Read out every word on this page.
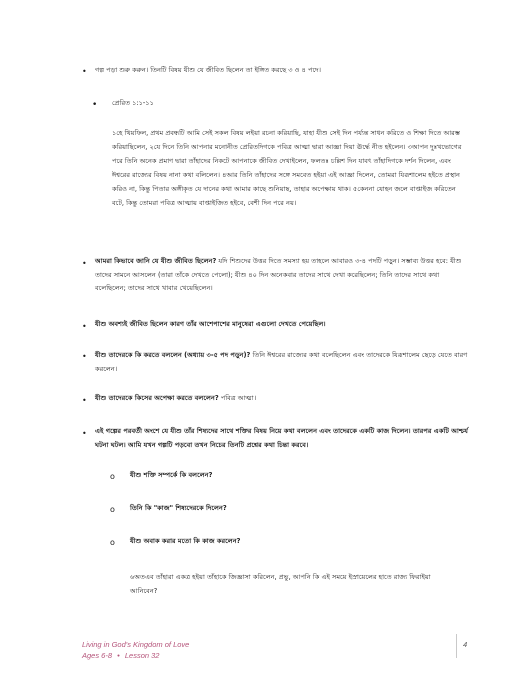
• গল্প পড়া শুরু করুন। তিনটি বিষয় যীশু যে জীবিত ছিলেন তা ইঙ্গিত করছে ৩ ও ৪ পদে।
• প্রেরিত ১:১-১১
১হে থিয়ফিল, প্রথম প্রবন্ধটি আমি সেই সকল বিষয় লইয়া রচনা করিয়াছি, যাহা যীশু সেই দিন পর্য্যন্ত সাধন করিতে ও শিক্ষা দিতে আরম্ভ করিয়াছিলেন, ২যে দিনে তিনি আপনার মনোনীত প্রেরিতদিগকে পবিত্র আত্মা দ্বারা আজ্ঞা দিয়া ঊর্দ্ধে নীত হইলেন। ৩আপন দুঃখভোগের পরে তিনি অনেক প্রমাণ দ্বারা তাঁহাদের নিকটে আপনাকে জীবিত দেখাইলেন, ফলতঃ চল্লিশ দিন যাবৎ তাঁহাদিগকে দর্শন দিলেন, এবং ঈশ্বরের রাজ্যের বিষয় নানা কথা বলিলেন। ৪আর তিনি তাঁহাদের সঙ্গে সমবেত হইয়া এই আজ্ঞা দিলেন, তোমরা যিরূশালেম হইতে প্রস্থান করিও না, কিন্তু পিতার অঙ্গীকৃত যে দানের কথা আমার কাছে শুনিয়াছ, তাহার অপেক্ষায় থাক। ৫কেননা যোহন জলে বাপ্তাইজ করিতেন বটে, কিন্তু তোমরা পবিত্র আত্মায় বাপ্তাইজিত হইবে, বেশী দিন পরে নয়।
• আমরা কিভাবে জানি যে যীশু জীবিত ছিলেন? যদি শিশুদের উত্তর দিতে সমস্যা হয় তাহলে আবারও ৩-৪ পদটি পড়ুন। সম্ভাব্য উত্তর হবে: যীশু তাদের সামনে আসলেন (তারা তাঁকে দেখতে পেলো); যীশু ৪০ দিন অনেকবার তাদের সাথে দেখা করেছিলেন; তিনি তাদের সাথে কথা বলেছিলেন; তাদের সাথে খাবার খেয়েছিলেন।
• যীশু অবশ্যই জীবিত ছিলেন কারণ তাঁর আশেপাশের মানুষেরা এগুলো দেখতে পেয়েছিল।
• যীশু তাদেরকে কি করতে বললেন (অধ্যায় ৩-৫ পদ পড়ুন)? তিনি ঈশ্বরের রাজ্যের কথা বলেছিলেন এবং তাদেরকে যিরূশালেম ছেড়ে যেতে বারণ করলেন।
• যীশু তাদেরকে কিসের অপেক্ষা করতে বললেন? পবিত্র আত্মা।
• এই গল্পের পরবর্তী অংশে যে যীশু তাঁর শিষ্যদের সাথে শক্তির বিষয় নিয়ে কথা বললেন এবং তাদেরকে একটি কাজ দিলেন। তারপর একটি আশ্চর্য ঘটনা ঘটল। আমি যখন গল্পটি পড়বো তখন নিচের তিনটি প্রশ্নের কথা চিন্তা করবে।
o যীশু শক্তি সম্পর্কে কি বললেন?
o তিনি কি "কাজ" শিষ্যদেরকে দিলেন?
o যীশু অবাক করার মতো কি কাজ করলেন?
৬অতএব তাঁহারা একত্র হইয়া তাঁহাকে জিজ্ঞাসা করিলেন, প্রভু, আপনি কি এই সময়ে ইস্রায়েলের হাতে রাজ্য ফিরাইয়া আনিবেন?
Living in God's Kingdom of Love
Ages 6-8 • Lesson 32
4
